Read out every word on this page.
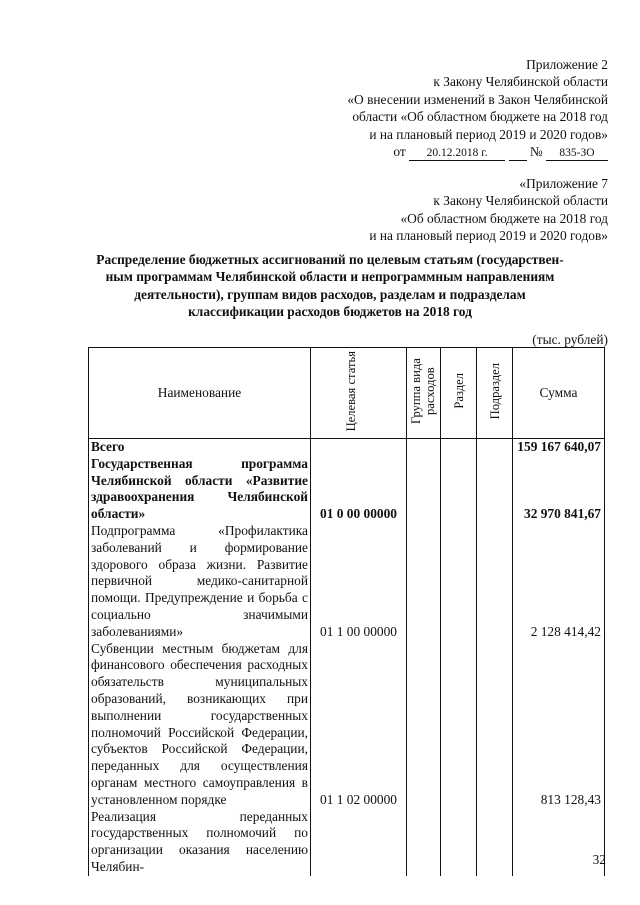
Приложение 2
к Закону Челябинской области
«О внесении изменений в Закон Челябинской
области «Об областном бюджете на 2018 год
и на плановый период 2019 и 2020 годов»
от 20.12.2018 г.	№ 835-ЗО
«Приложение 7
к Закону Челябинской области
«Об областном бюджете на 2018 год
и на плановый период 2019 и 2020 годов»
Распределение бюджетных ассигнований по целевым статьям (государствен-
ным программам Челябинской области и непрограммным направлениям
деятельности), группам видов расходов, разделам и подразделам
классификации расходов бюджетов на 2018 год
(тыс. рублей)
Наименование	Целевая статья	Группа вида расходов	Раздел	Подраздел	Сумма
Всего					159 167 640,07
Государственная программа Челябинской области «Развитие здравоохранения Челябинской области»	01 0 00 00000				32 970 841,67
Подпрограмма «Профилактика заболеваний и формирование здорового образа жизни. Развитие первичной медико-санитарной помощи. Предупреждение и борьба с социально значимыми заболеваниями»	01 1 00 00000				2 128 414,42
Субвенции местным бюджетам для финансового обеспечения расходных обязательств муниципальных образований, возникающих при выполнении государственных полномочий Российской Федерации, субъектов Российской Федерации, переданных для осуществления органам местного самоуправления в установленном порядке	01 1 02 00000				813 128,43
Реализация переданных государственных полномочий по организации оказания населению Челябин-						32
